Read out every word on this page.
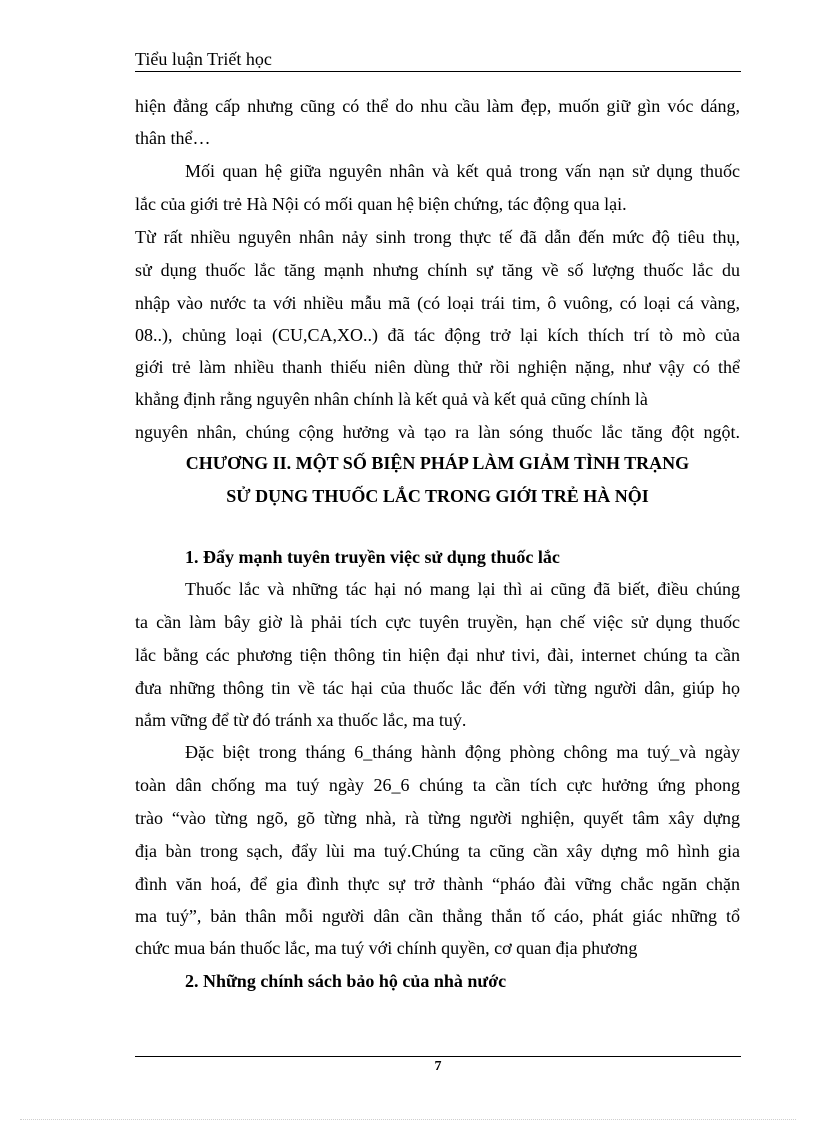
Tiểu luận Triết học
hiện đẳng cấp nhưng cũng có thể do nhu cầu làm đẹp, muốn giữ gìn vóc dáng,
thân thể…
Mối quan hệ giữa nguyên nhân và kết quả trong vấn nạn sử dụng thuốc
lắc của giới trẻ Hà Nội có mối quan hệ biện chứng, tác động qua lại.
Từ rất nhiều nguyên nhân nảy sinh trong thực tế đã dẫn đến mức độ tiêu thụ,
sử dụng thuốc lắc tăng mạnh nhưng chính sự tăng về số lượng thuốc lắc du
nhập vào nước ta với nhiều mẫu mã (có loại trái tim, ô vuông, có loại cá vàng,
08..), chủng loại (CU,CA,XO..) đã tác động trở lại kích thích trí tò mò của
giới trẻ làm nhiều thanh thiếu niên dùng thử rồi nghiện nặng, như vậy có thể
khẳng định rằng nguyên nhân chính là kết quả và kết quả cũng chính là
nguyên nhân, chúng cộng hưởng và tạo ra làn sóng thuốc lắc tăng đột ngột.
CHƯƠNG II. MỘT SỐ BIỆN PHÁP LÀM GIẢM TÌNH TRẠNG
SỬ DỤNG THUỐC LẮC TRONG GIỚI TRẺ HÀ NỘI
1. Đẩy mạnh tuyên truyền việc sử dụng thuốc lắc
Thuốc lắc và những tác hại nó mang lại thì ai cũng đã biết, điều chúng
ta cần làm bây giờ là phải tích cực tuyên truyền, hạn chế việc sử dụng thuốc
lắc bằng các phương tiện thông tin hiện đại như tivi, đài, internet chúng ta cần
đưa những thông tin về tác hại của thuốc lắc đến với từng người dân, giúp họ
nắm vững để từ đó tránh xa thuốc lắc, ma tuý.
Đặc biệt trong tháng 6_tháng hành động phòng chông ma tuý_và ngày
toàn dân chống ma tuý ngày 26_6 chúng ta cần tích cực hưởng ứng phong
trào “vào từng ngõ, gõ từng nhà, rà từng người nghiện, quyết tâm xây dựng
địa bàn trong sạch, đẩy lùi ma tuý.Chúng ta cũng cần xây dựng mô hình gia
đình văn hoá, để gia đình thực sự trở thành “pháo đài vững chắc ngăn chặn
ma tuý”, bản thân mỗi người dân cần thẳng thắn tố cáo, phát giác những tổ
chức mua bán thuốc lắc, ma tuý với chính quyền, cơ quan địa phương
2. Những chính sách bảo hộ của nhà nước
7
